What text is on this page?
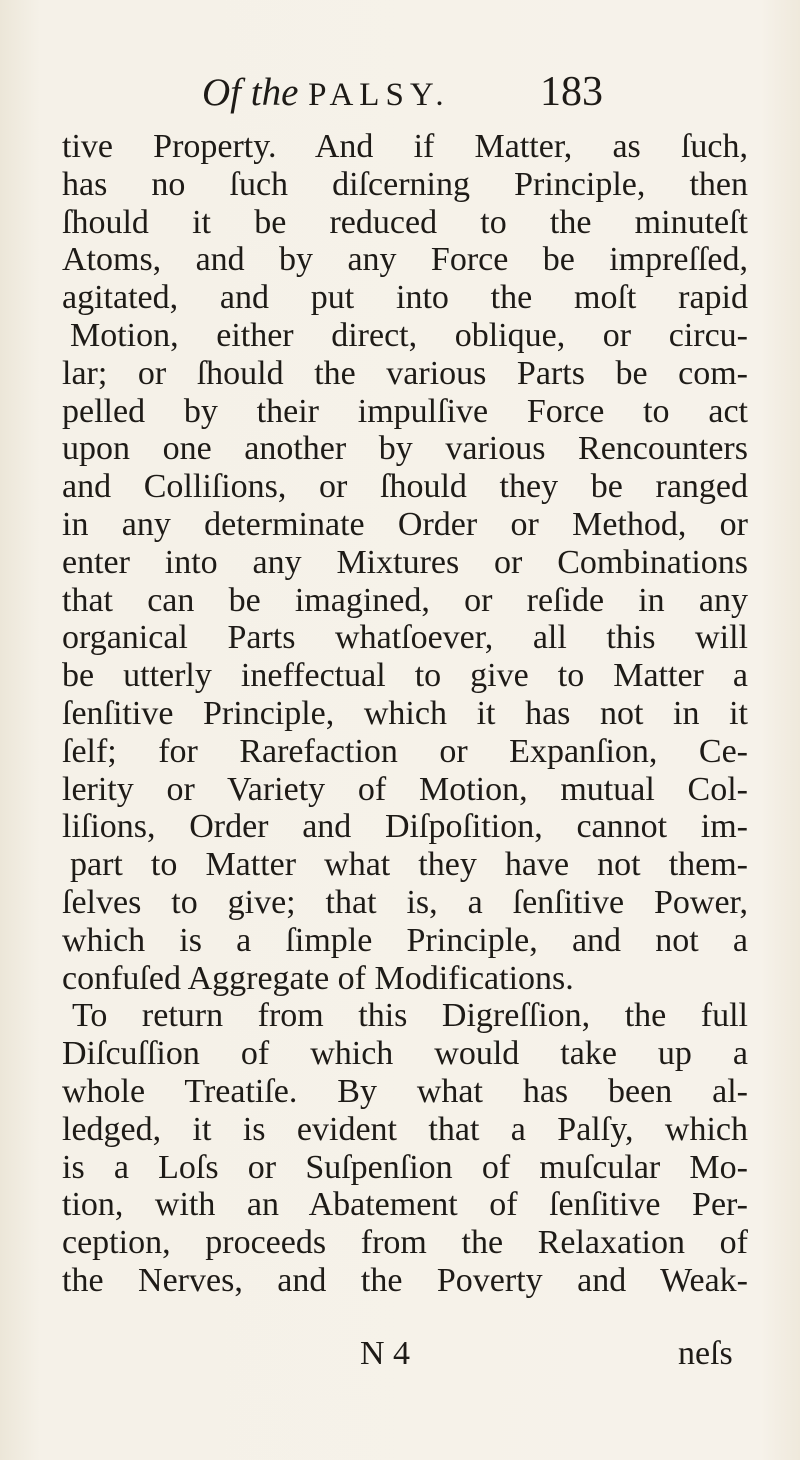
Of the PALSY. 183
tive Property. And if Matter, as ſuch,
has no ſuch diſcerning Principle, then
ſhould it be reduced to the minuteſt
Atoms, and by any Force be impreſſed,
agitated, and put into the moſt rapid
Motion, either direct, oblique, or circu-
lar; or ſhould the various Parts be com-
pelled by their impulſive Force to act
upon one another by various Rencounters
and Colliſions, or ſhould they be ranged
in any determinate Order or Method, or
enter into any Mixtures or Combinations
that can be imagined, or reſide in any
organical Parts whatſoever, all this will
be utterly ineffectual to give to Matter a
ſenſitive Principle, which it has not in it
ſelf; for Rarefaction or Expanſion, Ce-
lerity or Variety of Motion, mutual Col-
liſions, Order and Diſpoſition, cannot im-
part to Matter what they have not them-
ſelves to give; that is, a ſenſitive Power,
which is a ſimple Principle, and not a
confuſed Aggregate of Modifications.
To return from this Digreſſion, the full
Diſcuſſion of which would take up a
whole Treatiſe. By what has been al-
ledged, it is evident that a Palſy, which
is a Loſs or Suſpenſion of muſcular Mo-
tion, with an Abatement of ſenſitive Per-
ception, proceeds from the Relaxation of
the Nerves, and the Poverty and Weak-
N 4	neſs
